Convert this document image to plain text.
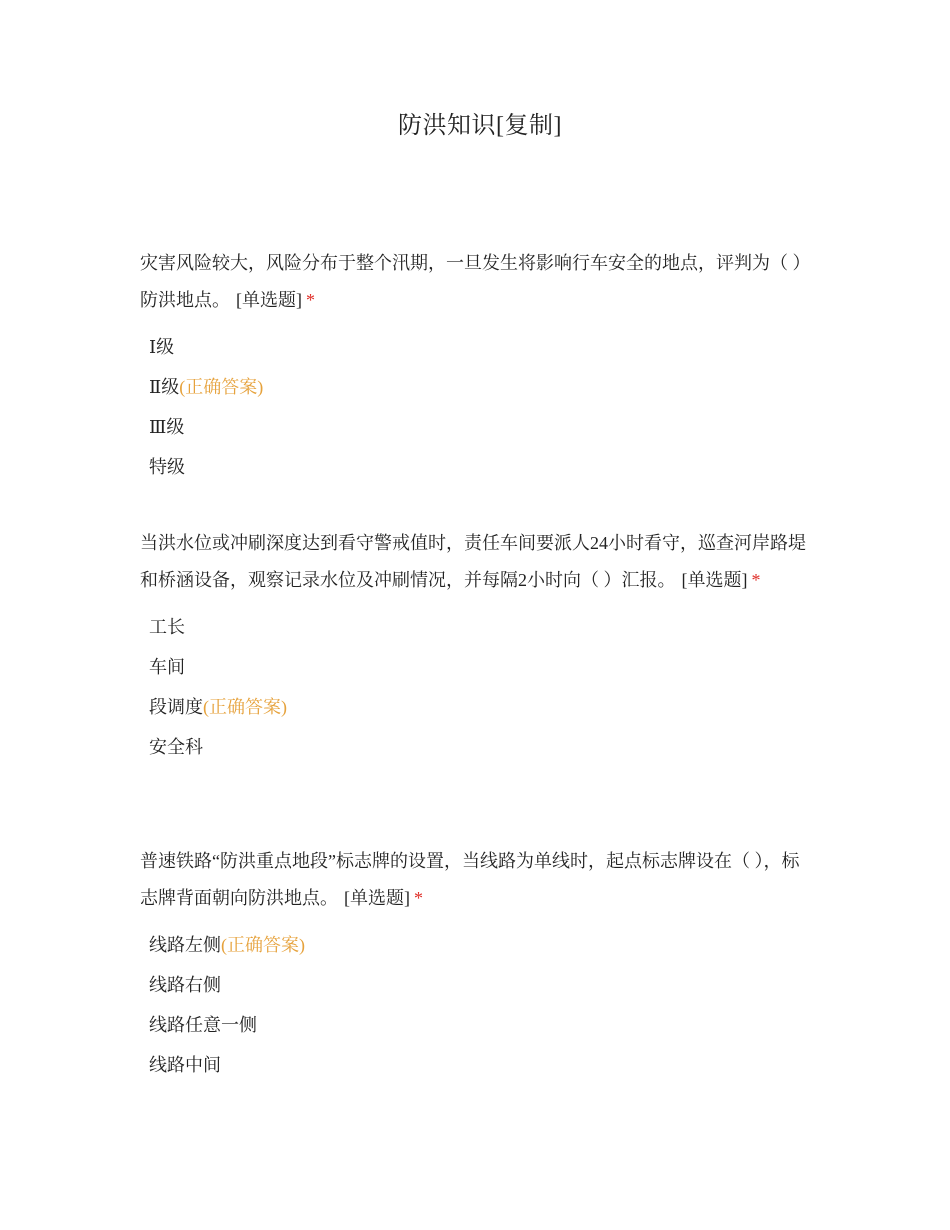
防洪知识[复制]

灾害风险较大，风险分布于整个汛期，一旦发生将影响行车安全的地点，评判为（ ）防洪地点。 [单选题] *

Ⅰ级
Ⅱ级(正确答案)
Ⅲ级
特级

当洪水位或冲刷深度达到看守警戒值时，责任车间要派人24小时看守，巡查河岸路堤和桥涵设备，观察记录水位及冲刷情况，并每隔2小时向（ ）汇报。 [单选题] *

工长
车间
段调度(正确答案)
安全科

普速铁路“防洪重点地段”标志牌的设置，当线路为单线时，起点标志牌设在（ ），标志牌背面朝向防洪地点。 [单选题] *

线路左侧(正确答案)
线路右侧
线路任意一侧
线路中间
